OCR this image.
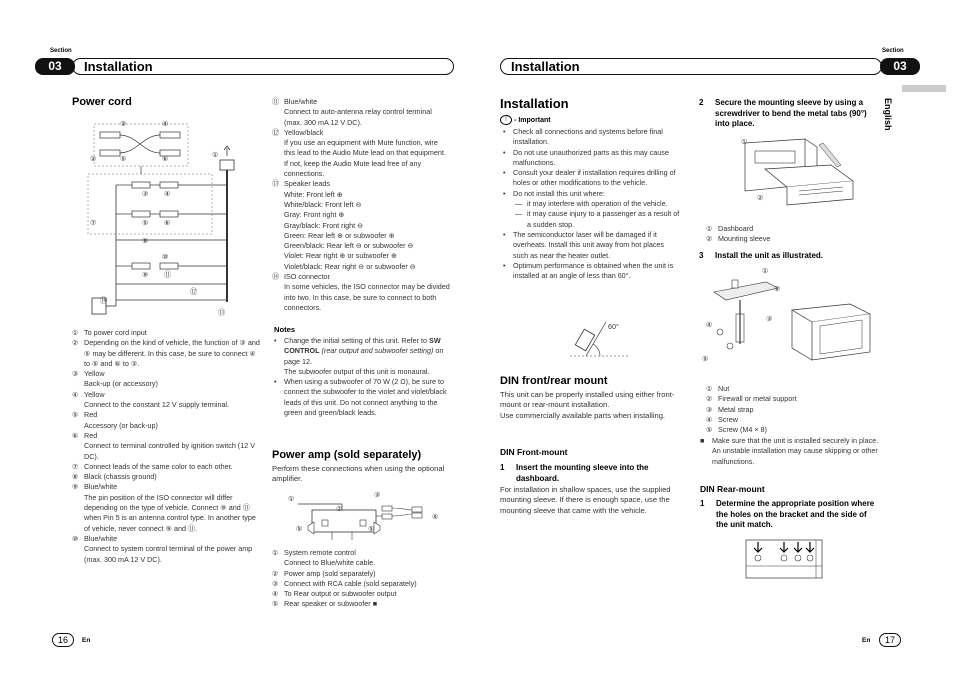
Section
03	Installation
Power cord
③	④
⑤	⑥
②	①
③ ④
⑤ ⑥
⑦
⑧
⑩
⑨ ⑪
⑫
⑬
⑭
① To power cord input
② Depending on the kind of vehicle, the function of ③ and ⑤ may be different. In this case, be sure to connect ④ to ⑤ and ⑥ to ③.
③ Yellow
Back-up (or accessory)
④ Yellow
Connect to the constant 12 V supply terminal.
⑤ Red
Accessory (or back-up)
⑥ Red
Connect to terminal controlled by ignition switch (12 V DC).
⑦ Connect leads of the same color to each other.
⑧ Black (chassis ground)
⑨ Blue/white
The pin position of the ISO connector will differ depending on the type of vehicle. Connect ⑨ and ⑪ when Pin 5 is an antenna control type. In another type of vehicle, never connect ⑨ and ⑪.
⑩ Blue/white
Connect to system control terminal of the power amp (max. 300 mA 12 V DC).
⑪ Blue/white
Connect to auto-antenna relay control terminal (max. 300 mA 12 V DC).
⑫ Yellow/black
If you use an equipment with Mute function, wire this lead to the Audio Mute lead on that equipment. If not, keep the Audio Mute lead free of any connections.
⑬ Speaker leads
White: Front left ⊕
White/black: Front left ⊖
Gray: Front right ⊕
Gray/black: Front right ⊖
Green: Rear left ⊕ or subwoofer ⊕
Green/black: Rear left ⊖ or subwoofer ⊖
Violet: Rear right ⊕ or subwoofer ⊕
Violet/black: Rear right ⊖ or subwoofer ⊖
⑭ ISO connector
In some vehicles, the ISO connector may be divided into two. In this case, be sure to connect to both connectors.
Notes
•	Change the initial setting of this unit. Refer to SW CONTROL (rear output and subwoofer setting) on page 12.
The subwoofer output of this unit is monaural.
•	When using a subwoofer of 70 W (2 Ω), be sure to connect the subwoofer to the violet and violet/black leads of this unit. Do not connect anything to the green and green/black leads.
Power amp (sold separately)
Perform these connections when using the optional amplifier.
①
②
③
④
⑤	⑤
① System remote control
Connect to Blue/white cable.
② Power amp (sold separately)
③ Connect with RCA cable (sold separately)
④ To Rear output or subwoofer output
⑤ Rear speaker or subwoofer ■
16	En
Section
Installation	03
English
Installation
!	- Important
•	Check all connections and systems before final installation.
•	Do not use unauthorized parts as this may cause malfunctions.
•	Consult your dealer if installation requires drilling of holes or other modifications to the vehicle.
•	Do not install this unit where:
— it may interfere with operation of the vehicle.
— it may cause injury to a passenger as a result of a sudden stop.
•	The semiconductor laser will be damaged if it overheats. Install this unit away from hot places such as near the heater outlet.
•	Optimum performance is obtained when the unit is installed at an angle of less than 60°.
60°
DIN front/rear mount
This unit can be properly installed using either front-mount or rear-mount installation.
Use commercially available parts when installing.
DIN Front-mount
1	Insert the mounting sleeve into the dashboard.
For installation in shallow spaces, use the supplied mounting sleeve. If there is enough space, use the mounting sleeve that came with the vehicle.
2	Secure the mounting sleeve by using a screwdriver to bend the metal tabs (90°) into place.
①
②
① Dashboard
② Mounting sleeve
3	Install the unit as illustrated.
①
②
③
④
⑤
① Nut
② Firewall or metal support
③ Metal strap
④ Screw
⑤ Screw (M4 × 8)
■	Make sure that the unit is installed securely in place. An unstable installation may cause skipping or other malfunctions.
DIN Rear-mount
1	Determine the appropriate position where the holes on the bracket and the side of the unit match.
En	17
